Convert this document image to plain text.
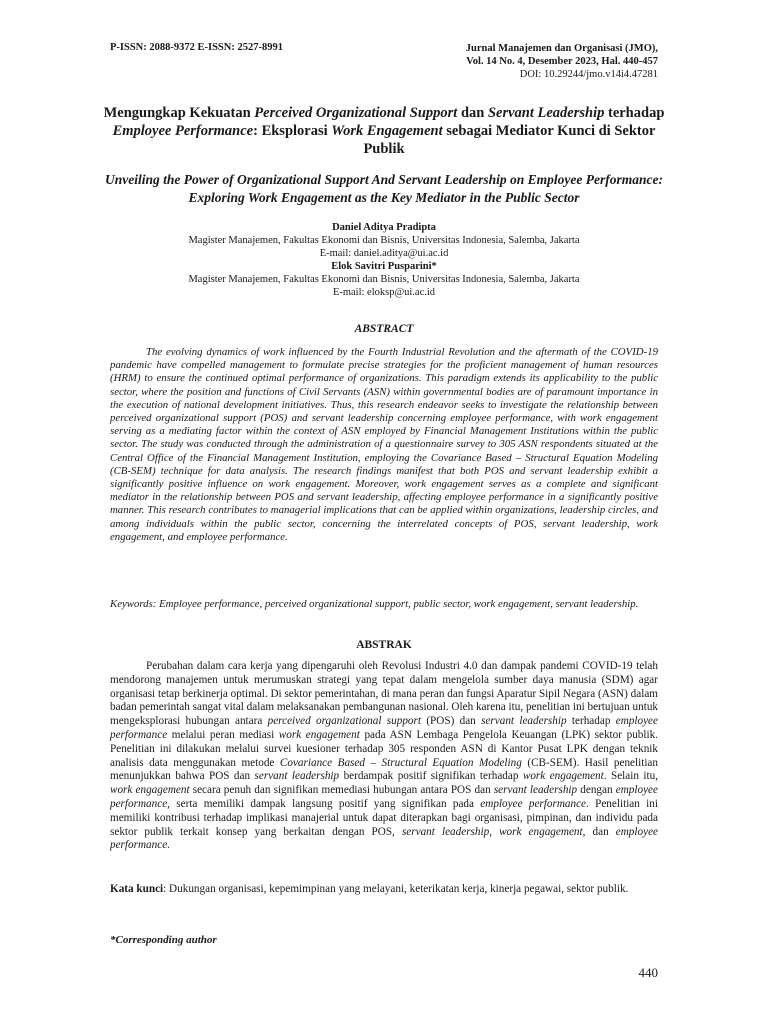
P-ISSN: 2088-9372 E-ISSN: 2527-8991	Jurnal Manajemen dan Organisasi (JMO),
Vol. 14 No. 4, Desember 2023, Hal. 440-457
DOI: 10.29244/jmo.v14i4.47281
Mengungkap Kekuatan Perceived Organizational Support dan Servant Leadership terhadap Employee Performance: Eksplorasi Work Engagement sebagai Mediator Kunci di Sektor Publik
Unveiling the Power of Organizational Support And Servant Leadership on Employee Performance: Exploring Work Engagement as the Key Mediator in the Public Sector
Daniel Aditya Pradipta
Magister Manajemen, Fakultas Ekonomi dan Bisnis, Universitas Indonesia, Salemba, Jakarta
E-mail: daniel.aditya@ui.ac.id
Elok Savitri Pusparini*
Magister Manajemen, Fakultas Ekonomi dan Bisnis, Universitas Indonesia, Salemba, Jakarta
E-mail: eloksp@ui.ac.id
ABSTRACT

The evolving dynamics of work influenced by the Fourth Industrial Revolution and the aftermath of the COVID-19 pandemic have compelled management to formulate precise strategies for the proficient management of human resources (HRM) to ensure the continued optimal performance of organizations. This paradigm extends its applicability to the public sector, where the position and functions of Civil Servants (ASN) within governmental bodies are of paramount importance in the execution of national development initiatives. Thus, this research endeavor seeks to investigate the relationship between perceived organizational support (POS) and servant leadership concerning employee performance, with work engagement serving as a mediating factor within the context of ASN employed by Financial Management Institutions within the public sector. The study was conducted through the administration of a questionnaire survey to 305 ASN respondents situated at the Central Office of the Financial Management Institution, employing the Covariance Based – Structural Equation Modeling (CB-SEM) technique for data analysis. The research findings manifest that both POS and servant leadership exhibit a significantly positive influence on work engagement. Moreover, work engagement serves as a complete and significant mediator in the relationship between POS and servant leadership, affecting employee performance in a significantly positive manner. This research contributes to managerial implications that can be applied within organizations, leadership circles, and among individuals within the public sector, concerning the interrelated concepts of POS, servant leadership, work engagement, and employee performance.

Keywords: Employee performance, perceived organizational support, public sector, work engagement, servant leadership.

ABSTRAK

Perubahan dalam cara kerja yang dipengaruhi oleh Revolusi Industri 4.0 dan dampak pandemi COVID-19 telah mendorong manajemen untuk merumuskan strategi yang tepat dalam mengelola sumber daya manusia (SDM) agar organisasi tetap berkinerja optimal. Di sektor pemerintahan, di mana peran dan fungsi Aparatur Sipil Negara (ASN) dalam badan pemerintah sangat vital dalam melaksanakan pembangunan nasional. Oleh karena itu, penelitian ini bertujuan untuk mengeksplorasi hubungan antara perceived organizational support (POS) dan servant leadership terhadap employee performance melalui peran mediasi work engagement pada ASN Lembaga Pengelola Keuangan (LPK) sektor publik. Penelitian ini dilakukan melalui survei kuesioner terhadap 305 responden ASN di Kantor Pusat LPK dengan teknik analisis data menggunakan metode Covariance Based – Structural Equation Modeling (CB-SEM). Hasil penelitian menunjukkan bahwa POS dan servant leadership berdampak positif signifikan terhadap work engagement. Selain itu, work engagement secara penuh dan signifikan memediasi hubungan antara POS dan servant leadership dengan employee performance, serta memiliki dampak langsung positif yang signifikan pada employee performance. Penelitian ini memiliki kontribusi terhadap implikasi manajerial untuk dapat diterapkan bagi organisasi, pimpinan, dan individu pada sektor publik terkait konsep yang berkaitan dengan POS, servant leadership, work engagement, dan employee performance.

Kata kunci: Dukungan organisasi, kepemimpinan yang melayani, keterikatan kerja, kinerja pegawai, sektor publik.

*Corresponding author
440
